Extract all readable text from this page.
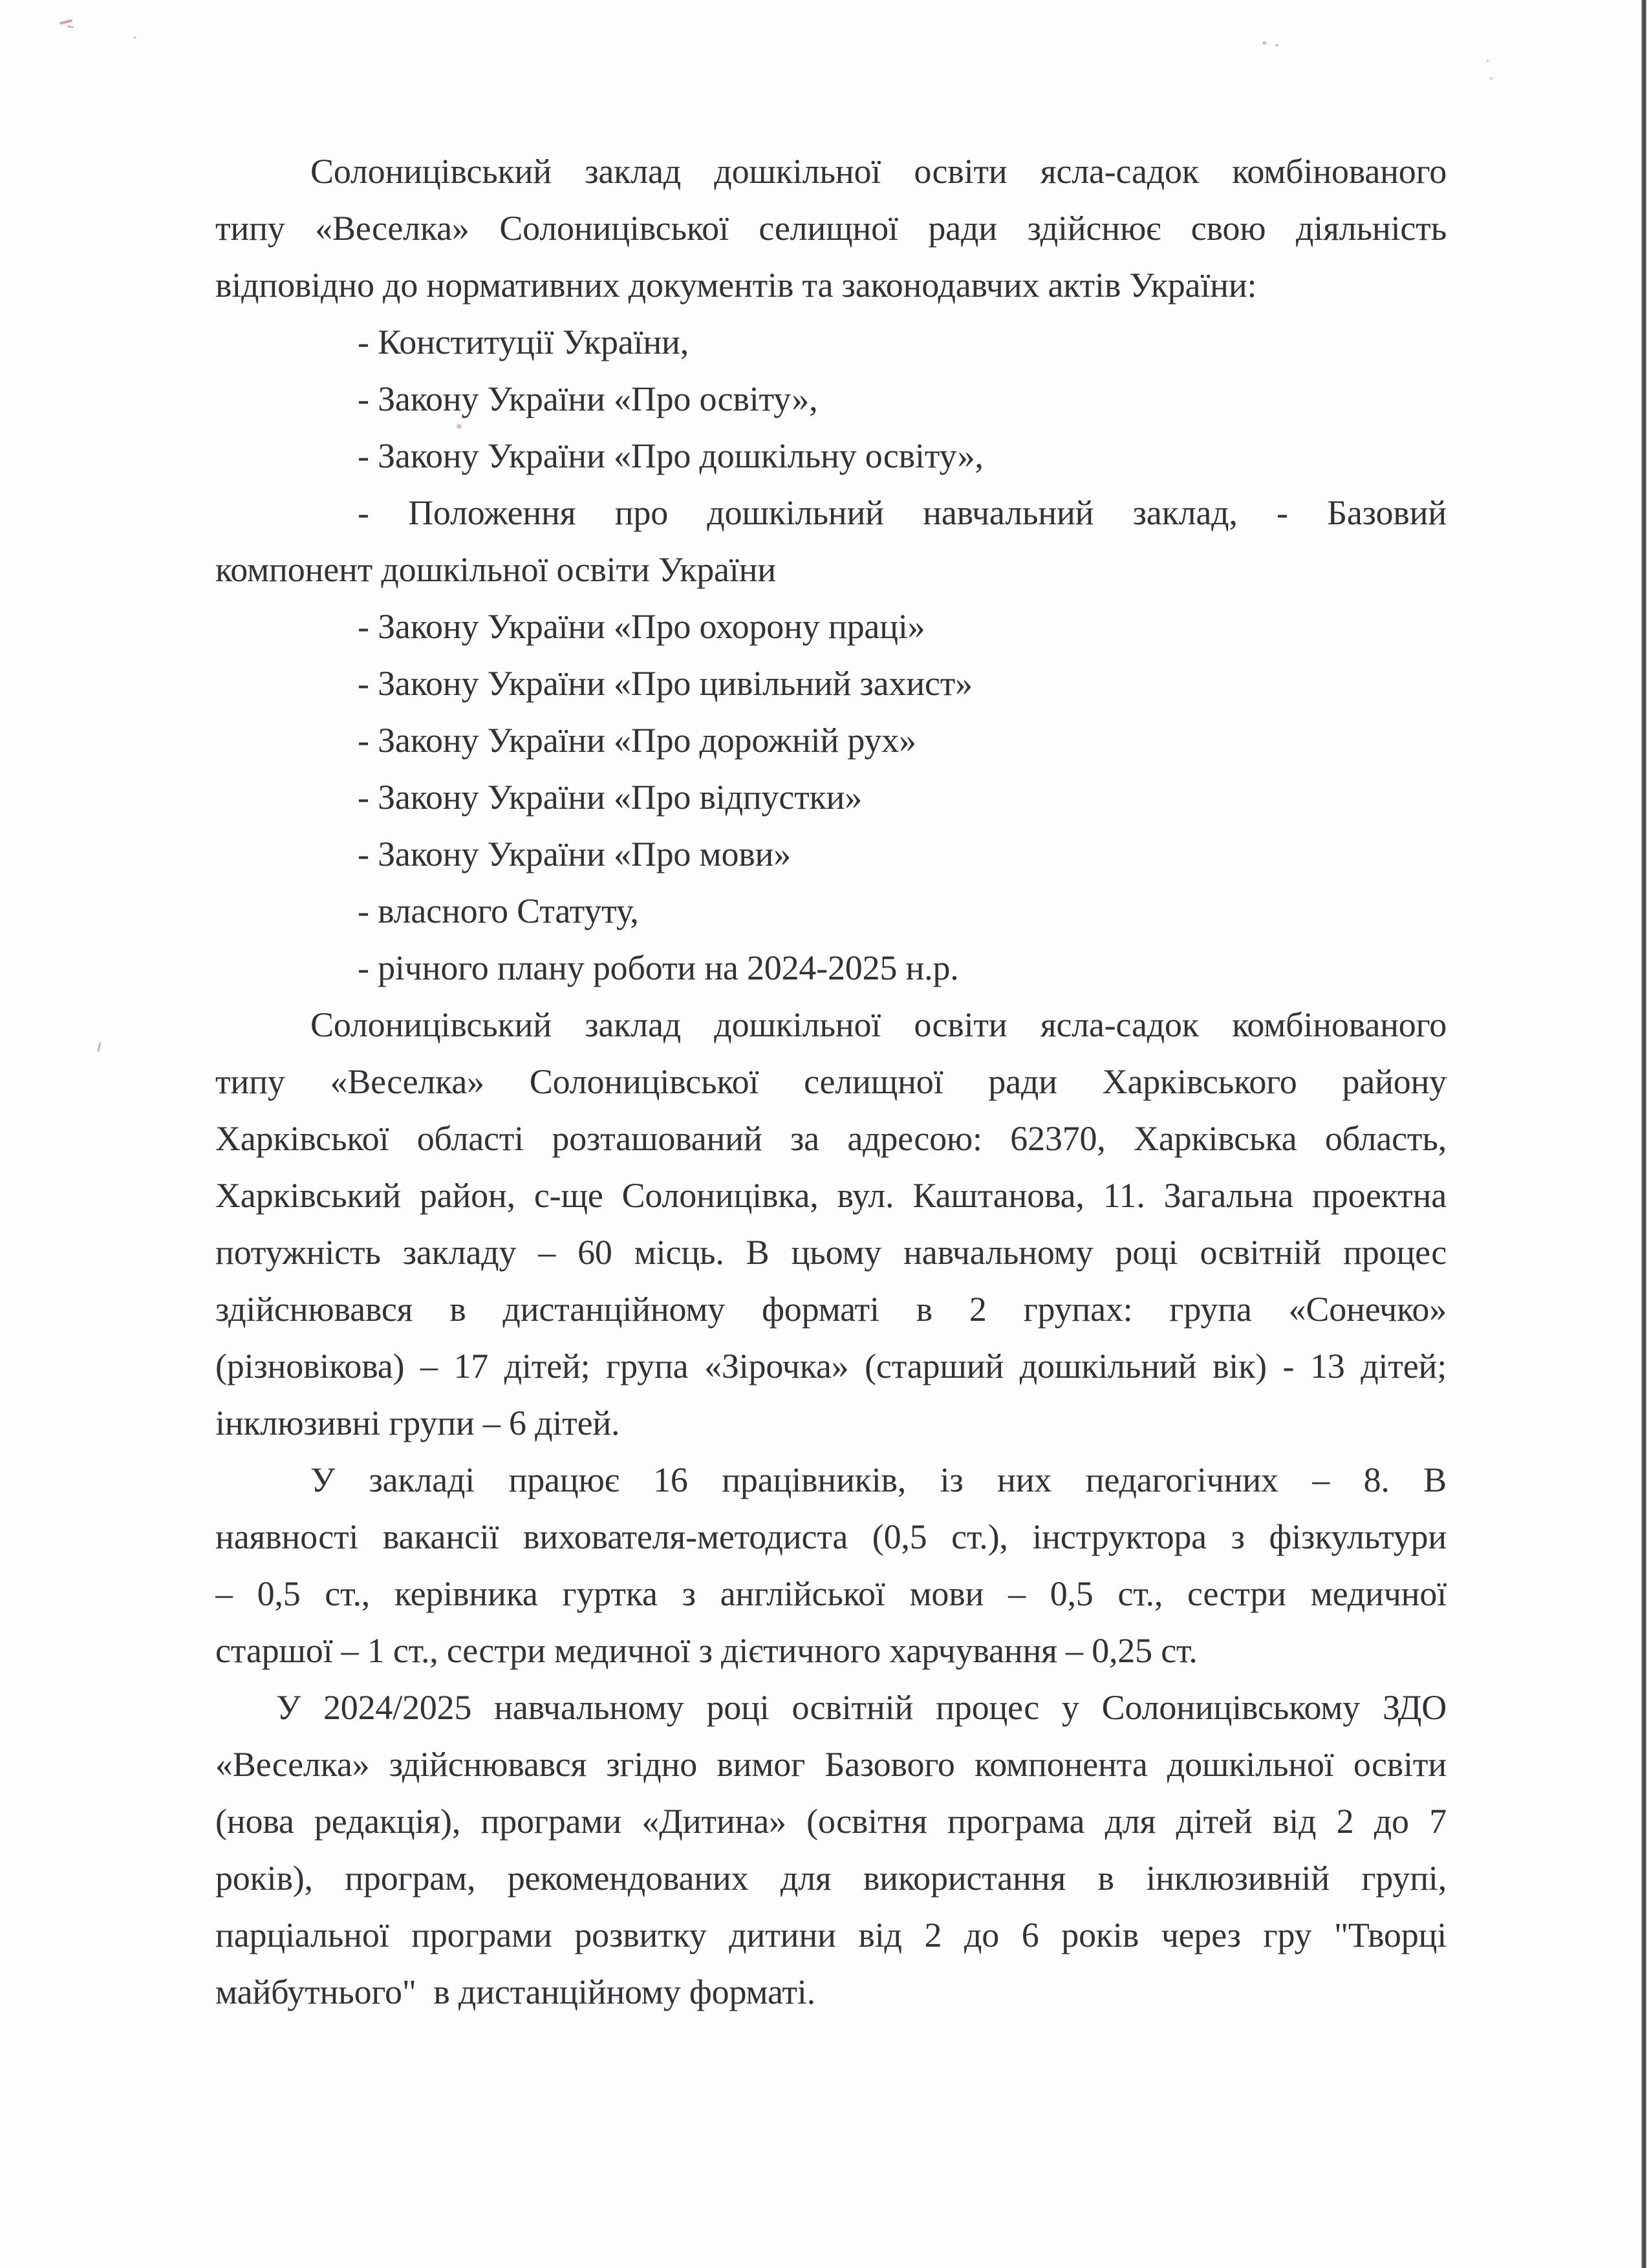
Солоницівський заклад дошкільної освіти ясла-садок комбінованого
типу «Веселка» Солоницівської селищної ради здійснює свою діяльність
відповідно до нормативних документів та законодавчих актів України:
- Конституції України,
- Закону України «Про освіту»,
- Закону України «Про дошкільну освіту»,
- Положення про дошкільний навчальний заклад, - Базовий
компонент дошкільної освіти України
- Закону України «Про охорону праці»
- Закону України «Про цивільний захист»
- Закону України «Про дорожній рух»
- Закону України «Про відпустки»
- Закону України «Про мови»
- власного Статуту,
- річного плану роботи на 2024-2025 н.р.
Солоницівський заклад дошкільної освіти ясла-садок комбінованого
типу «Веселка» Солоницівської селищної ради Харківського району
Харківської області розташований за адресою: 62370, Харківська область,
Харківський район, с-ще Солоницівка, вул. Каштанова, 11. Загальна проектна
потужність закладу – 60 місць. В цьому навчальному році освітній процес
здійснювався в дистанційному форматі в 2 групах: група «Сонечко»
(різновікова) – 17 дітей; група «Зірочка» (старший дошкільний вік) - 13 дітей;
інклюзивні групи – 6 дітей.
У закладі працює 16 працівників, із них педагогічних – 8. В
наявності вакансії вихователя-методиста (0,5 ст.), інструктора з фізкультури
– 0,5 ст., керівника гуртка з англійської мови – 0,5 ст., сестри медичної
старшої – 1 ст., сестри медичної з дієтичного харчування – 0,25 ст.
У 2024/2025 навчальному році освітній процес у Солоницівському ЗДО
«Веселка» здійснювався згідно вимог Базового компонента дошкільної освіти
(нова редакція), програми «Дитина» (освітня програма для дітей від 2 до 7
років), програм, рекомендованих для використання в інклюзивній групі,
парціальної програми розвитку дитини від 2 до 6 років через гру "Творці
майбутнього"  в дистанційному форматі.
